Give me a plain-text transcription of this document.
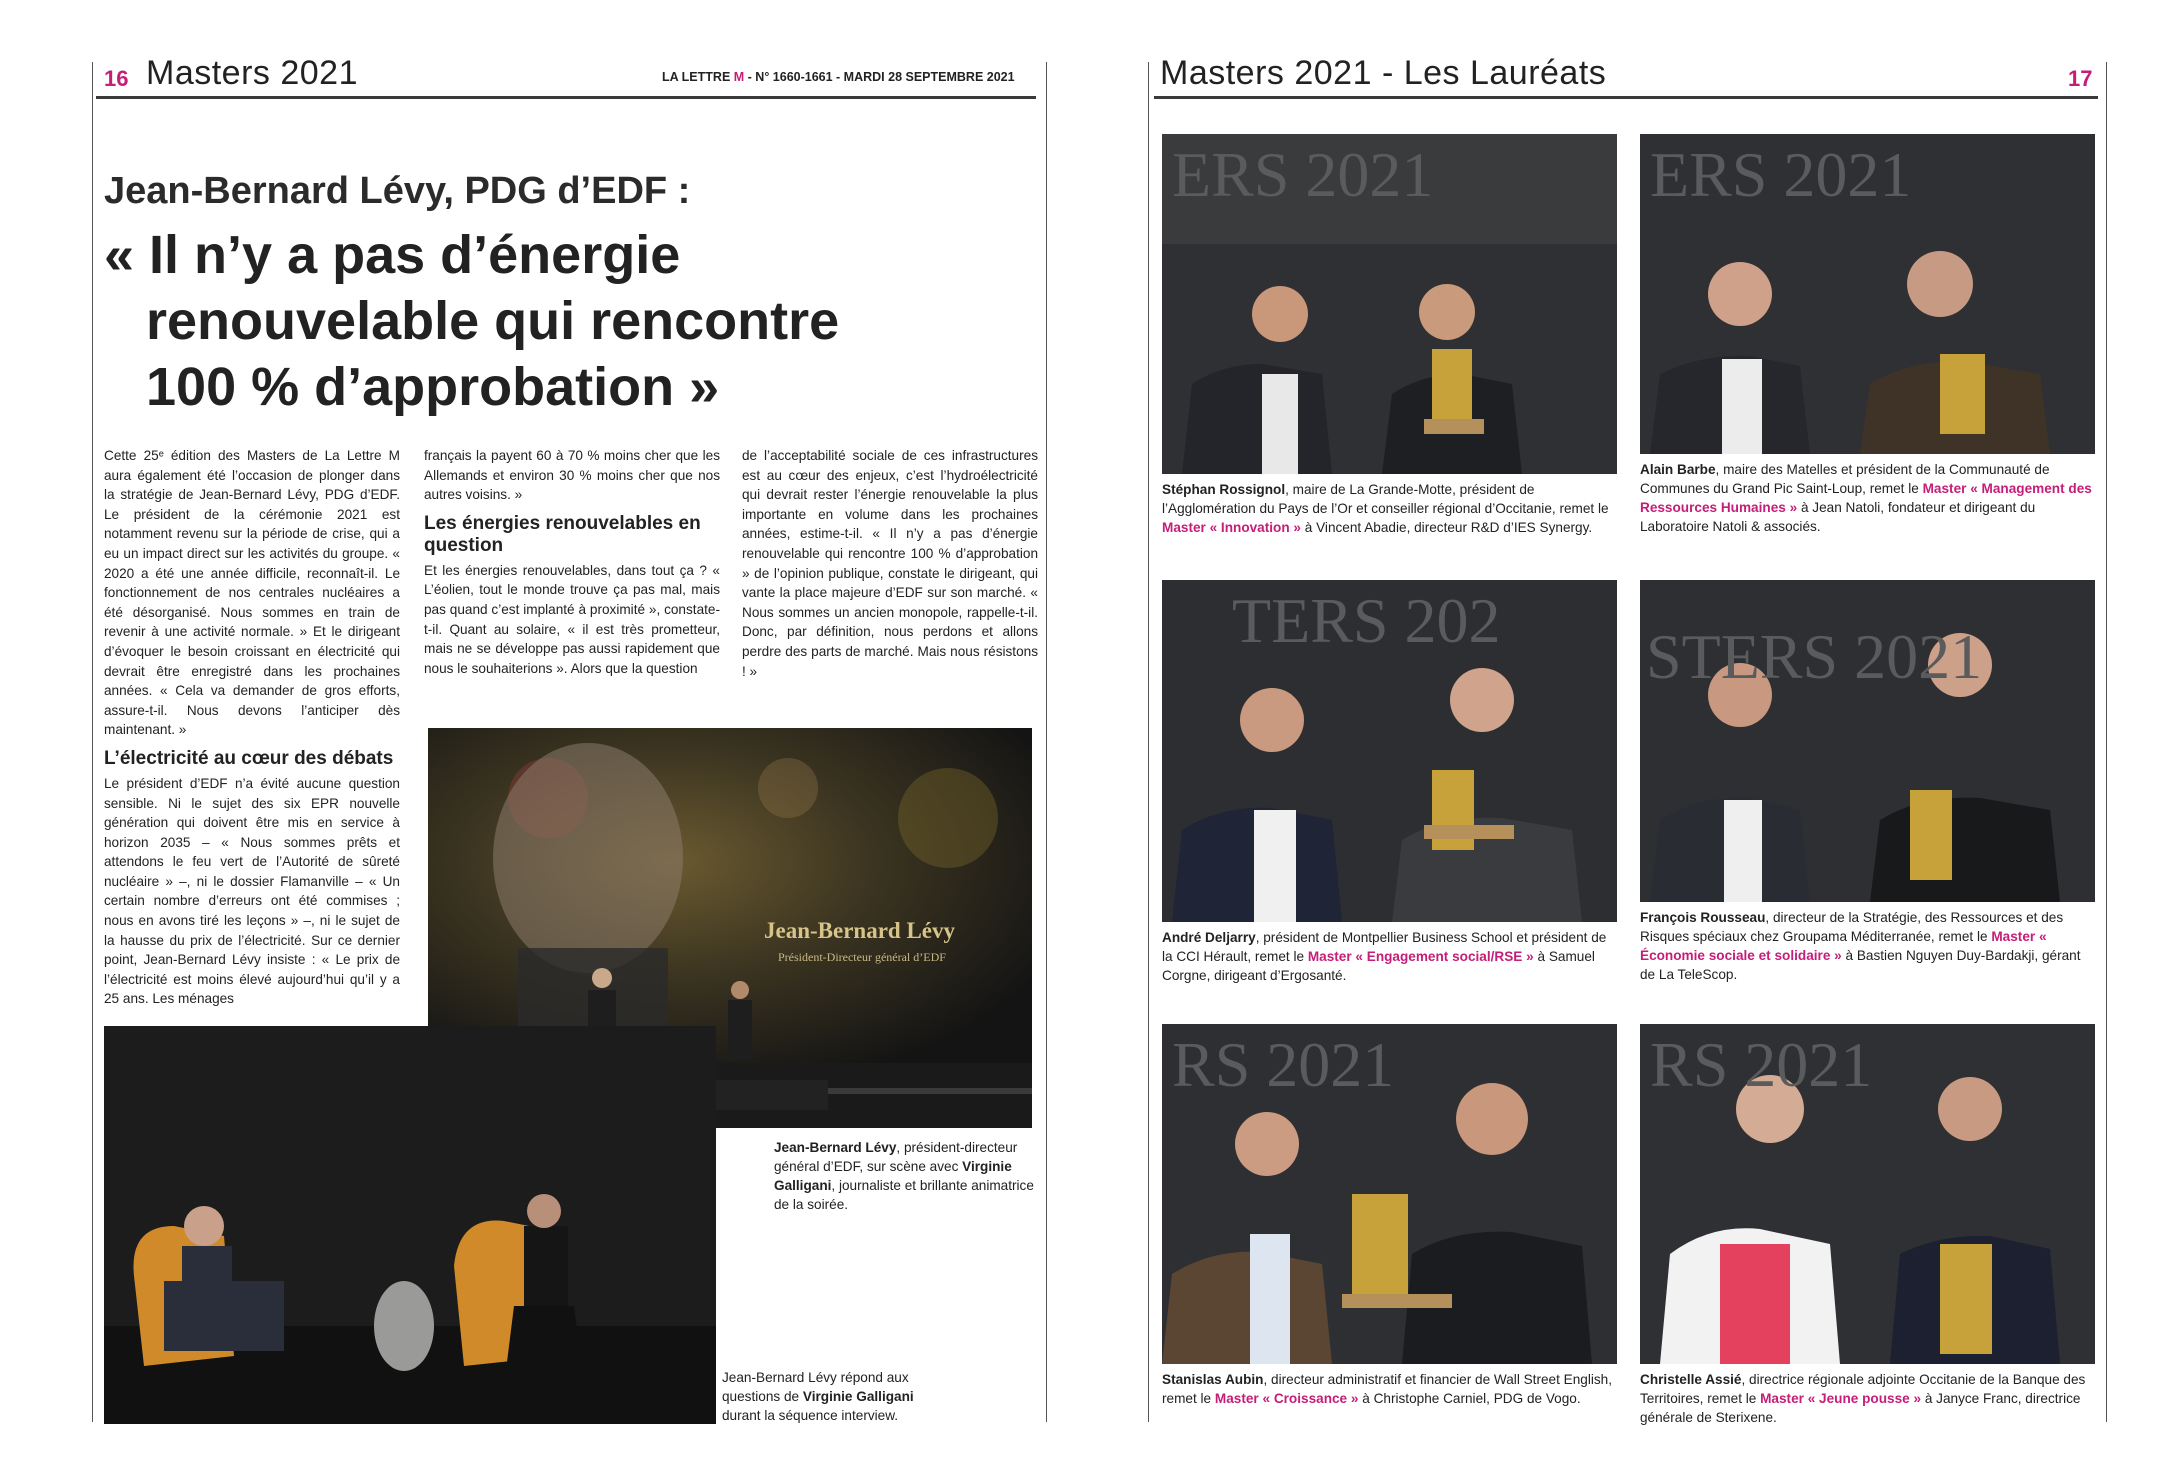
16 Masters 2021	LA LETTRE M - N° 1660-1661 - MARDI 28 SEPTEMBRE 2021
Jean-Bernard Lévy, PDG d’EDF :
« Il n’y a pas d’énergie
renouvelable qui rencontre
100 % d’approbation »

Cette 25ᵉ édition des Masters de La Lettre M aura également été l’occasion de plonger dans la stratégie de Jean-Bernard Lévy, PDG d’EDF. Le président de la cérémonie 2021 est notamment revenu sur la période de crise, qui a eu un impact direct sur les activités du groupe. « 2020 a été une année difficile, reconnaît-il. Le fonctionnement de nos centrales nucléaires a été désorganisé. Nous sommes en train de revenir à une activité normale. » Et le dirigeant d’évoquer le besoin croissant en électricité qui devrait être enregistré dans les prochaines années. « Cela va demander de gros efforts, assure-t-il. Nous devons l’anticiper dès maintenant. »

L’électricité au cœur des débats

Le président d’EDF n’a évité aucune question sensible. Ni le sujet des six EPR nouvelle génération qui doivent être mis en service à horizon 2035 – « Nous sommes prêts et attendons le feu vert de l’Autorité de sûreté nucléaire » –, ni le dossier Flamanville – « Un certain nombre d’erreurs ont été commises ; nous en avons tiré les leçons » –, ni le sujet de la hausse du prix de l’électricité. Sur ce dernier point, Jean-Bernard Lévy insiste : « Le prix de l’électricité est moins élevé aujourd’hui qu’il y a 25 ans. Les ménages

français la payent 60 à 70 % moins cher que les Allemands et environ 30 % moins cher que nos autres voisins. »

Les énergies renouvelables en question

Et les énergies renouvelables, dans tout ça ? « L’éolien, tout le monde trouve ça pas mal, mais pas quand c’est implanté à proximité », constate-t-il. Quant au solaire, « il est très prometteur, mais ne se développe pas aussi rapidement que nous le souhaiterions ». Alors que la question

de l’acceptabilité sociale de ces infrastructures est au cœur des enjeux, c’est l’hydroélectricité qui devrait rester l’énergie renouvelable la plus importante en volume dans les prochaines années, estime-t-il. « Il n’y a pas d’énergie renouvelable qui rencontre 100 % d’approbation » de l’opinion publique, constate le dirigeant, qui vante la place majeure d’EDF sur son marché. « Nous sommes un ancien monopole, rappelle-t-il. Donc, par définition, nous perdons et allons perdre des parts de marché. Mais nous résistons ! »

Jean-Bernard Lévy
Président-Directeur général d’EDF
Jean-Bernard Lévy, président-directeur général d’EDF, sur scène avec Virginie Galligani, journaliste et brillante animatrice de la soirée.
Jean-Bernard Lévy répond aux questions de Virginie Galligani durant la séquence interview.
Masters 2021 - Les Lauréats	17
ERS 2021
Stéphan Rossignol, maire de La Grande-Motte, président de l’Agglomération du Pays de l’Or et conseiller régional d’Occitanie, remet le Master « Innovation » à Vincent Abadie, directeur R&D d’IES Synergy.
ERS 2021
Alain Barbe, maire des Matelles et président de la Communauté de Communes du Grand Pic Saint-Loup, remet le Master « Management des Ressources Humaines » à Jean Natoli, fondateur et dirigeant du Laboratoire Natoli & associés.
TERS 202
André Deljarry, président de Montpellier Business School et président de la CCI Hérault, remet le Master « Engagement social/RSE » à Samuel Corgne, dirigeant d’Ergosanté.
STERS 2021
François Rousseau, directeur de la Stratégie, des Ressources et des Risques spéciaux chez Groupama Méditerranée, remet le Master « Économie sociale et solidaire » à Bastien Nguyen Duy-Bardakji, gérant de La TeleScop.
RS 2021
Stanislas Aubin, directeur administratif et financier de Wall Street English, remet le Master « Croissance » à Christophe Carniel, PDG de Vogo.
RS 2021
Christelle Assié, directrice régionale adjointe Occitanie de la Banque des Territoires, remet le Master « Jeune pousse » à Janyce Franc, directrice générale de Sterixene.
